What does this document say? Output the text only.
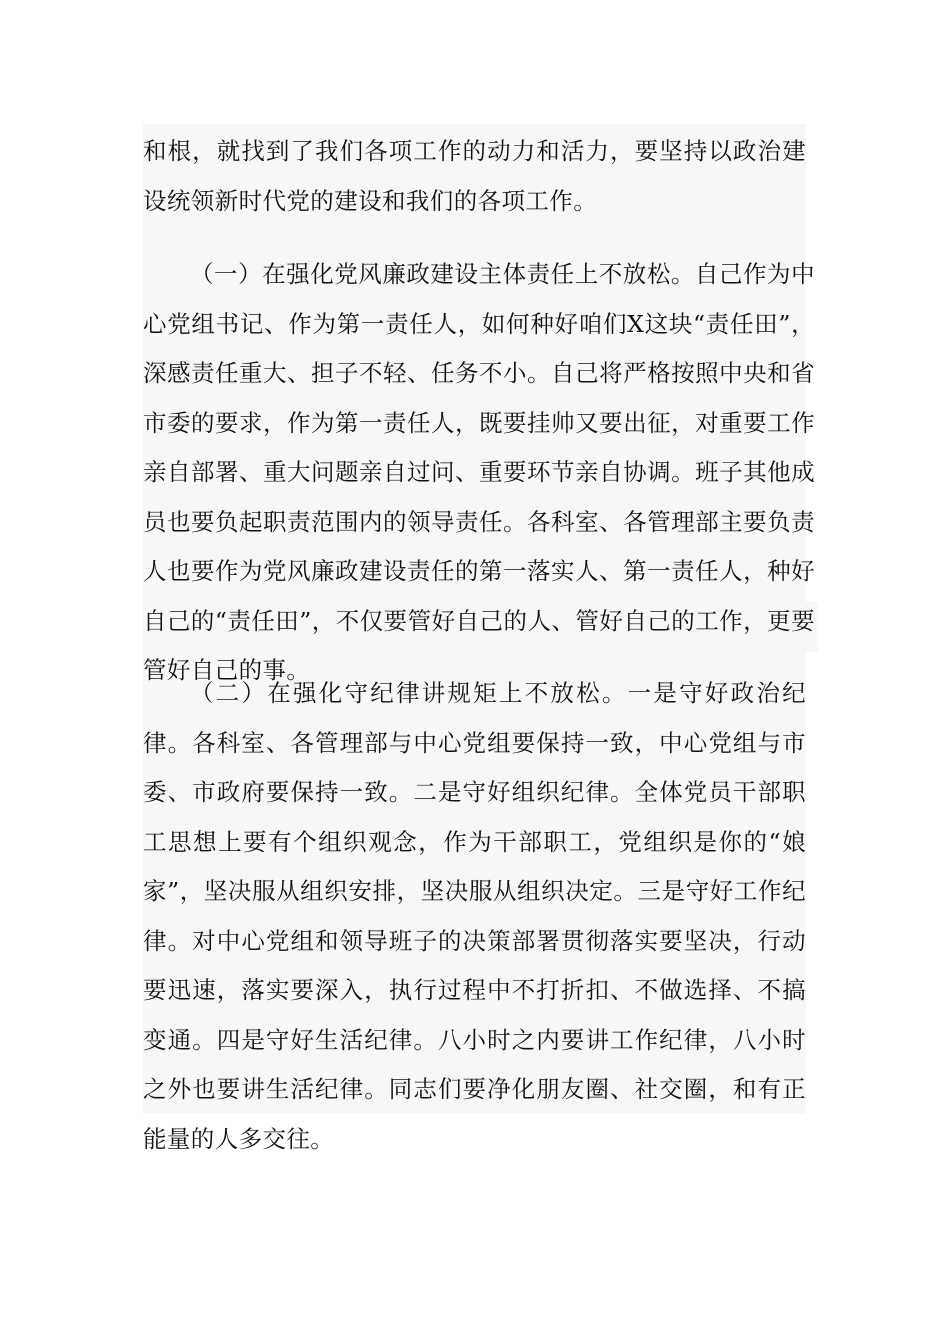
和根，就找到了我们各项工作的动力和活力，要坚持以政治建设统领新时代党的建设和我们的各项工作。

（一）在强化党风廉政建设主体责任上不放松。自己作为中心党组书记、作为第一责任人，如何种好咱们X这块“责任田”，深感责任重大、担子不轻、任务不小。自己将严格按照中央和省市委的要求，作为第一责任人，既要挂帅又要出征，对重要工作亲自部署、重大问题亲自过问、重要环节亲自协调。班子其他成员也要负起职责范围内的领导责任。各科室、各管理部主要负责人也要作为党风廉政建设责任的第一落实人、第一责任人，种好自己的“责任田”，不仅要管好自己的人、管好自己的工作，更要管好自己的事。

（二）在强化守纪律讲规矩上不放松。一是守好政治纪律。各科室、各管理部与中心党组要保持一致，中心党组与市委、市政府要保持一致。二是守好组织纪律。全体党员干部职工思想上要有个组织观念，作为干部职工，党组织是你的“娘家”，坚决服从组织安排，坚决服从组织决定。三是守好工作纪律。对中心党组和领导班子的决策部署贯彻落实要坚决，行动要迅速，落实要深入，执行过程中不打折扣、不做选择、不搞变通。四是守好生活纪律。八小时之内要讲工作纪律，八小时之外也要讲生活纪律。同志们要净化朋友圈、社交圈，和有正能量的人多交往。
